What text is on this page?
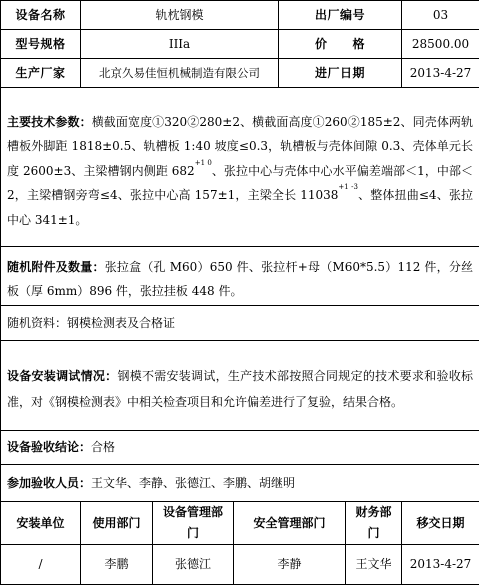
设备名称	轨枕钢模			出厂编号		03
型号规格	IIIa			价　　格		28500.00
生产厂家	北京久易佳恒机械制造有限公司			进厂日期		2013-4-27
主要技术参数：横截面宽度①320②280±2、横截面高度①260②185±2、同壳体两轨槽板外脚距 1818±0.5、轨槽板 1:40 坡度≤0.3，轨槽板与壳体间隙 0.3、壳体单元长度 2600±3、主梁槽钢内侧距 $682^{+1 0}$、张拉中心与壳体中心水平偏差端部＜1，中部＜2，主梁槽钢旁弯≤4、张拉中心高 157±1，主梁全长 $11038^{+1 -3}$、整体扭曲≤4、张拉中心 341±1。						
随机附件及数量：张拉盒（孔 M60）650 件、张拉杆+母（M60*5.5）112 件，分丝板（厚 6mm）896 件，张拉挂板 448 件。						
随机资料：钢模检测表及合格证						
设备安装调试情况：钢模不需安装调试，生产技术部按照合同规定的技术要求和验收标准，对《钢模检测表》中相关检查项目和允许偏差进行了复验，结果合格。						
设备验收结论：合格						
参加验收人员：王文华、李静、张德江、李鹏、胡继明						
安装单位	使用部门	设备管理部门	安全管理部门		财务部门	移交日期
/	李鹏	张德江	李静		王文华	2013-4-27
